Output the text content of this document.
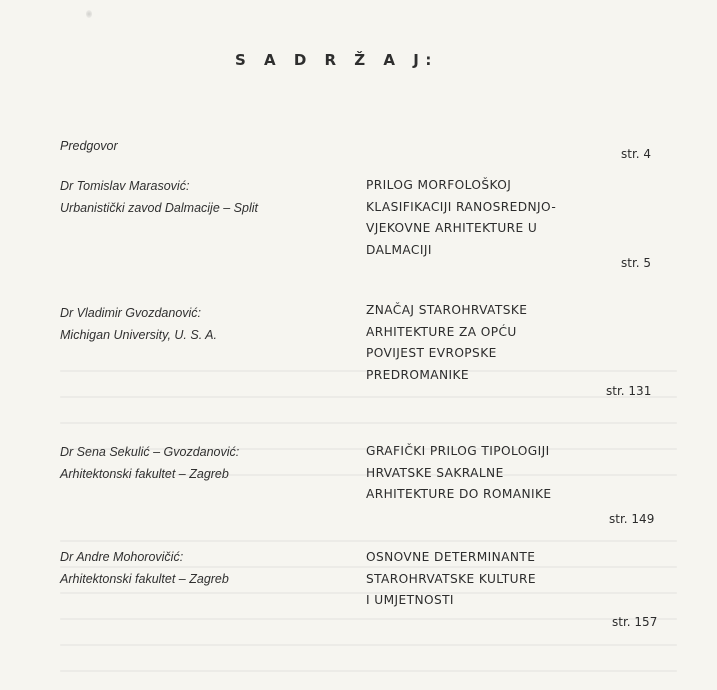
S A D R Ž A J:
Predgovor
str. 4
Dr Tomislav Marasović:
Urbanistički zavod Dalmacije – Split
PRILOG MORFOLOŠKOJ
KLASIFIKACIJI RANOSREDNJO-
VJEKOVNE ARHITEKTURE U
DALMACIJI
str. 5
Dr Vladimir Gvozdanović:
Michigan University, U. S. A.
ZNAČAJ STAROHRVATSKE
ARHITEKTURE ZA OPĆU
POVIJEST EVROPSKE
PREDROMANIKE
str. 131
Dr Sena Sekulić – Gvozdanović:
Arhitektonski fakultet – Zagreb
GRAFIČKI PRILOG TIPOLOGIJI
HRVATSKE SAKRALNE
ARHITEKTURE DO ROMANIKE
str. 149
Dr Andre Mohorovičić:
Arhitektonski fakultet – Zagreb
OSNOVNE DETERMINANTE
STAROHRVATSKE KULTURE
I UMJETNOSTI
str. 157
